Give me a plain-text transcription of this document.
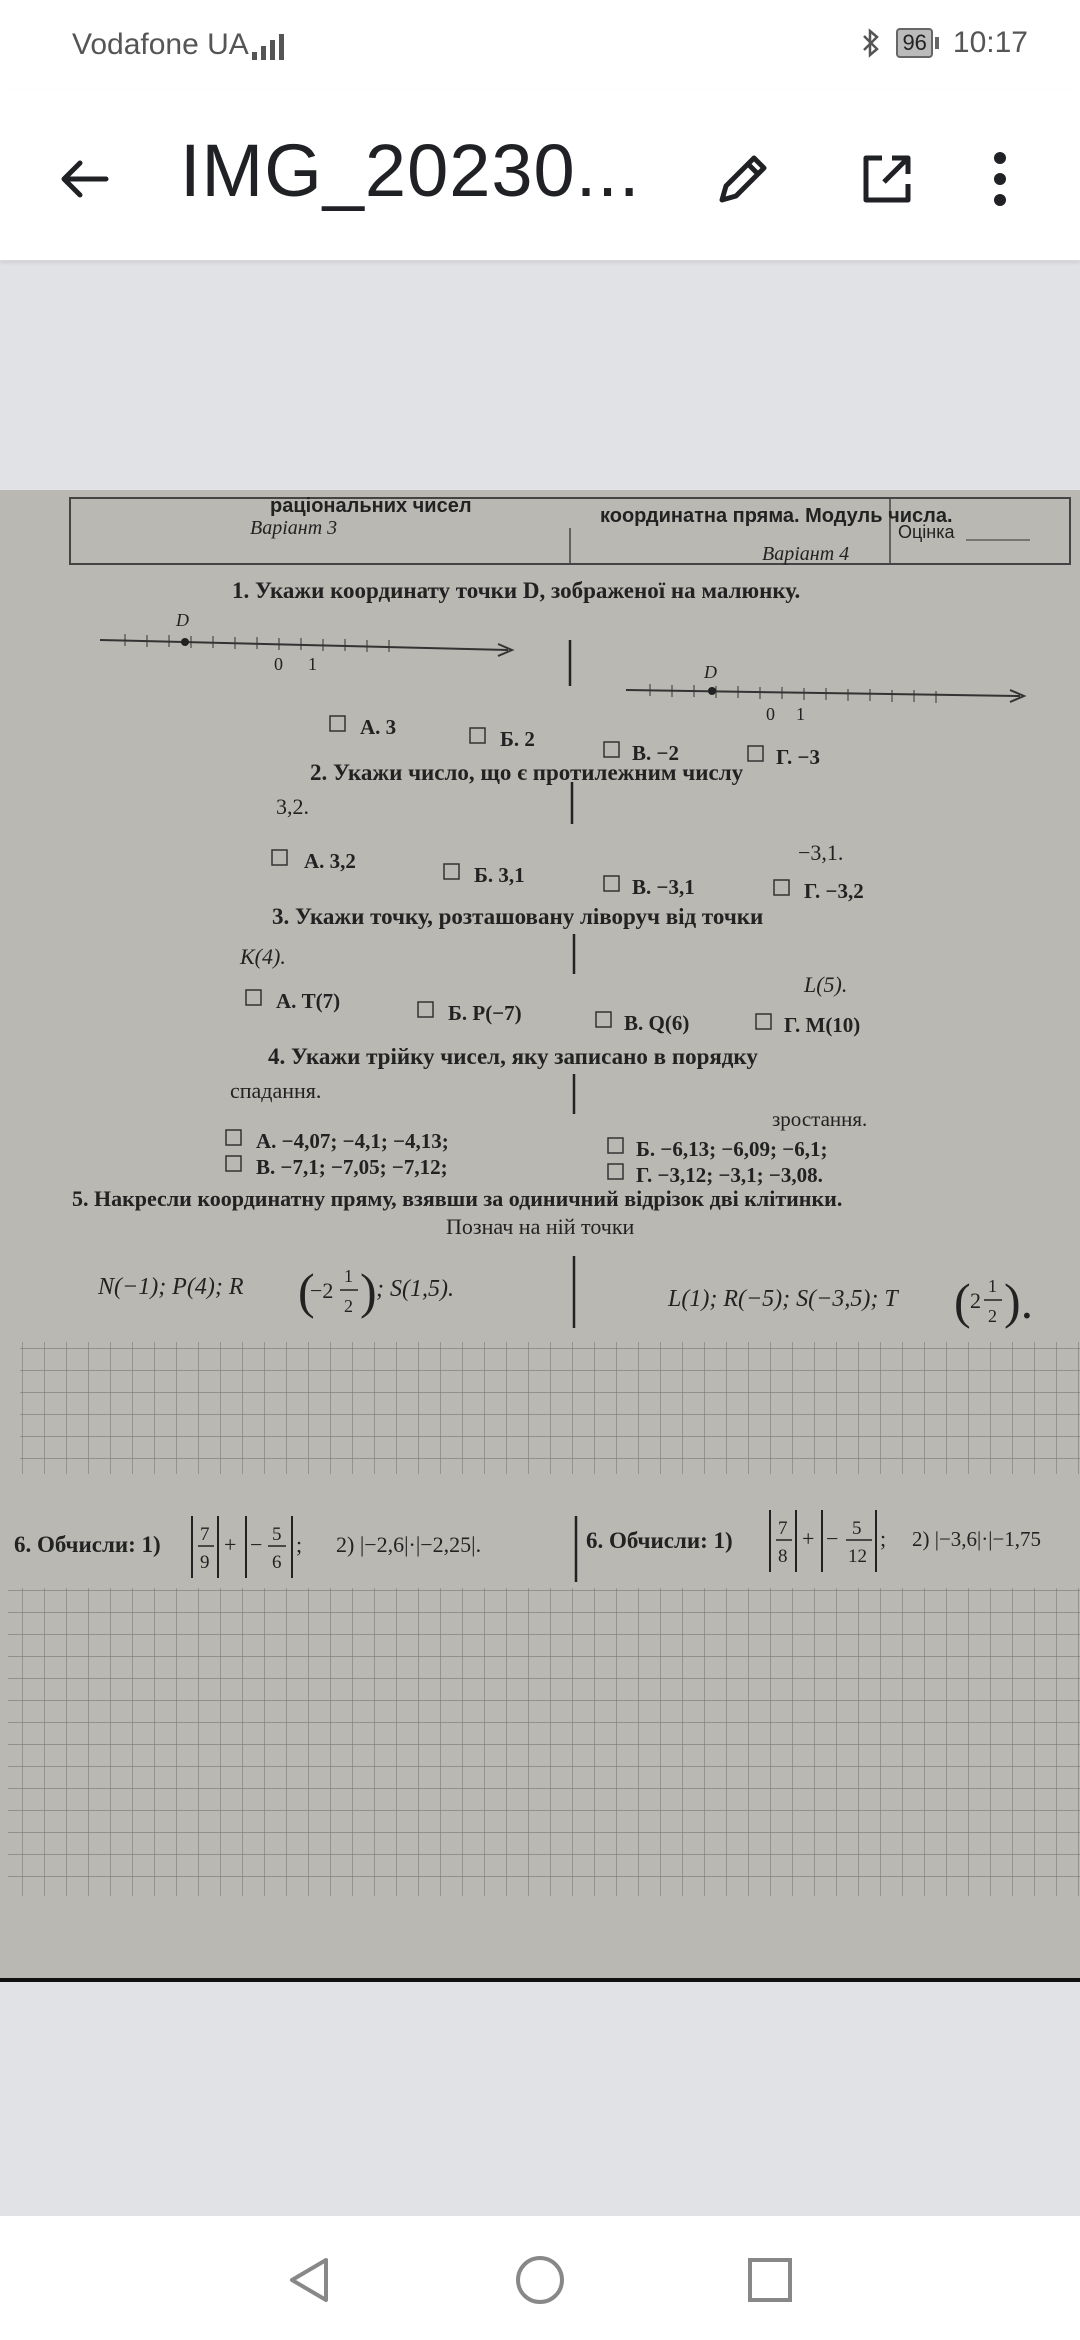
Vodafone UA	96 10:17
IMG_20230...
координатна пряма. Модуль числа.
раціональних чисел
Варіант 3
Варіант 4
Оцінка
1. Укажи координату точки D, зображеної на малюнку.
D
0 1	D
0 1
А. 3	Б. 2
В. −2	Г. −3
2. Укажи число, що є протилежним числу
3,2.
−3,1.
А. 3,2
Б. 3,1	В. −3,1	Г. −3,2
3. Укажи точку, розташовану ліворуч від точки
K(4).
L(5).
А. T(7)	Б. P(−7)	В. Q(6)	Г. M(10)
4. Укажи трійку чисел, яку записано в порядку
спадання.
зростання.
А. −4,07; −4,1; −4,13;	Б. −6,13; −6,09; −6,1;
В. −7,1; −7,05; −7,12;	Г. −3,12; −3,1; −3,08.
5. Накресли координатну пряму, взявши за одиничний відрізок дві клітинки.
Познач на ній точки
N(−1); P(4); R (
−2
1
2 ) ; S(1,5).	L(1); R(−5); S(−3,5); T ( 2
1
2 ).
6. Обчисли: 1) 7
9
+ − 5
6
; 2) |−2,6|·|−2,25|.	6. Обчисли: 1) 7
8
+ − 5
12
; 2) |−3,6|·|−1,75
